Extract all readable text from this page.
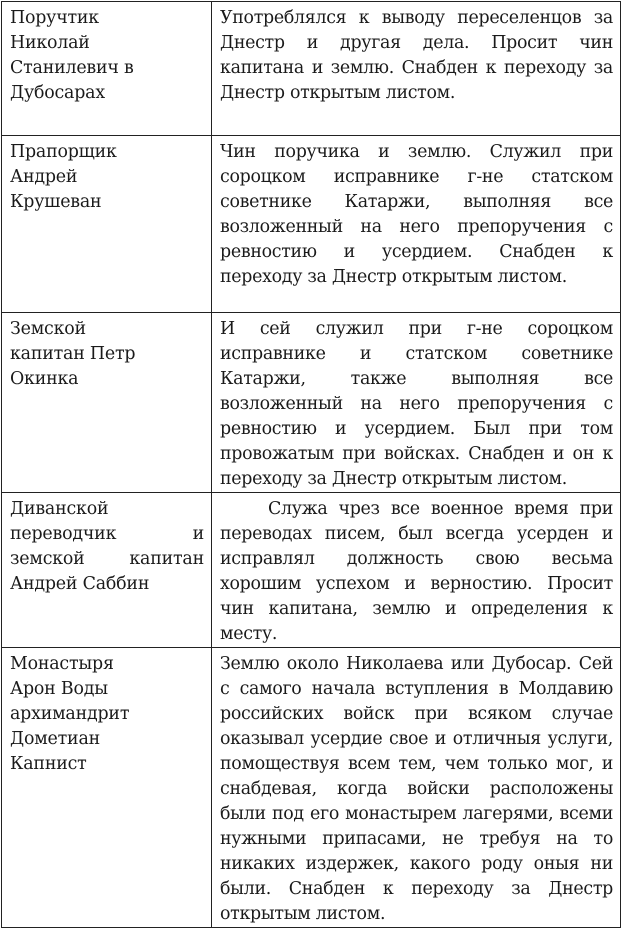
Поручтик Николай Станилевич в Дубосарах	Употреблялся к выводу переселенцов за Днестр и другая дела. Просит чин капитана и землю. Снабден к переходу за Днестр открытым листом.

Прапорщик Андрей Крушеван	Чин поручика и землю. Служил при сороцком исправнике г-не статском советнике Катаржи, выполняя все возложенный на него препоручения с ревностию и усердием. Снабден к переходу за Днестр открытым листом.

Земской капитан Петр Окинка	И сей служил при г-не сороцком исправнике и статском советнике Катаржи, также выполняя все возложенный на него препоручения с ревностию и усердием. Был при том провожатым при войсках. Снабден и он к переходу за Днестр открытым листом.

Диванской переводчик и земской капитан Андрей Саббин	Служа чрез все военное время при переводах писем, был всегда усерден и исправлял должность свою весьма хорошим успехом и верностию. Просит чин капитана, землю и определения к месту.

Монастыря Арон Воды архимандрит Дометиан Капнист	Землю около Николаева или Дубосар. Сей с самого начала вступления в Молдавию российских войск при всяком случае оказывал усердие свое и отличныя услуги, помоществуя всем тем, чем только мог, и снабдевая, когда войски расположены были под его монастырем лагерями, всеми нужными припасами, не требуя на то никаких издержек, какого роду оныя ни были. Снабден к переходу за Днестр открытым листом.
